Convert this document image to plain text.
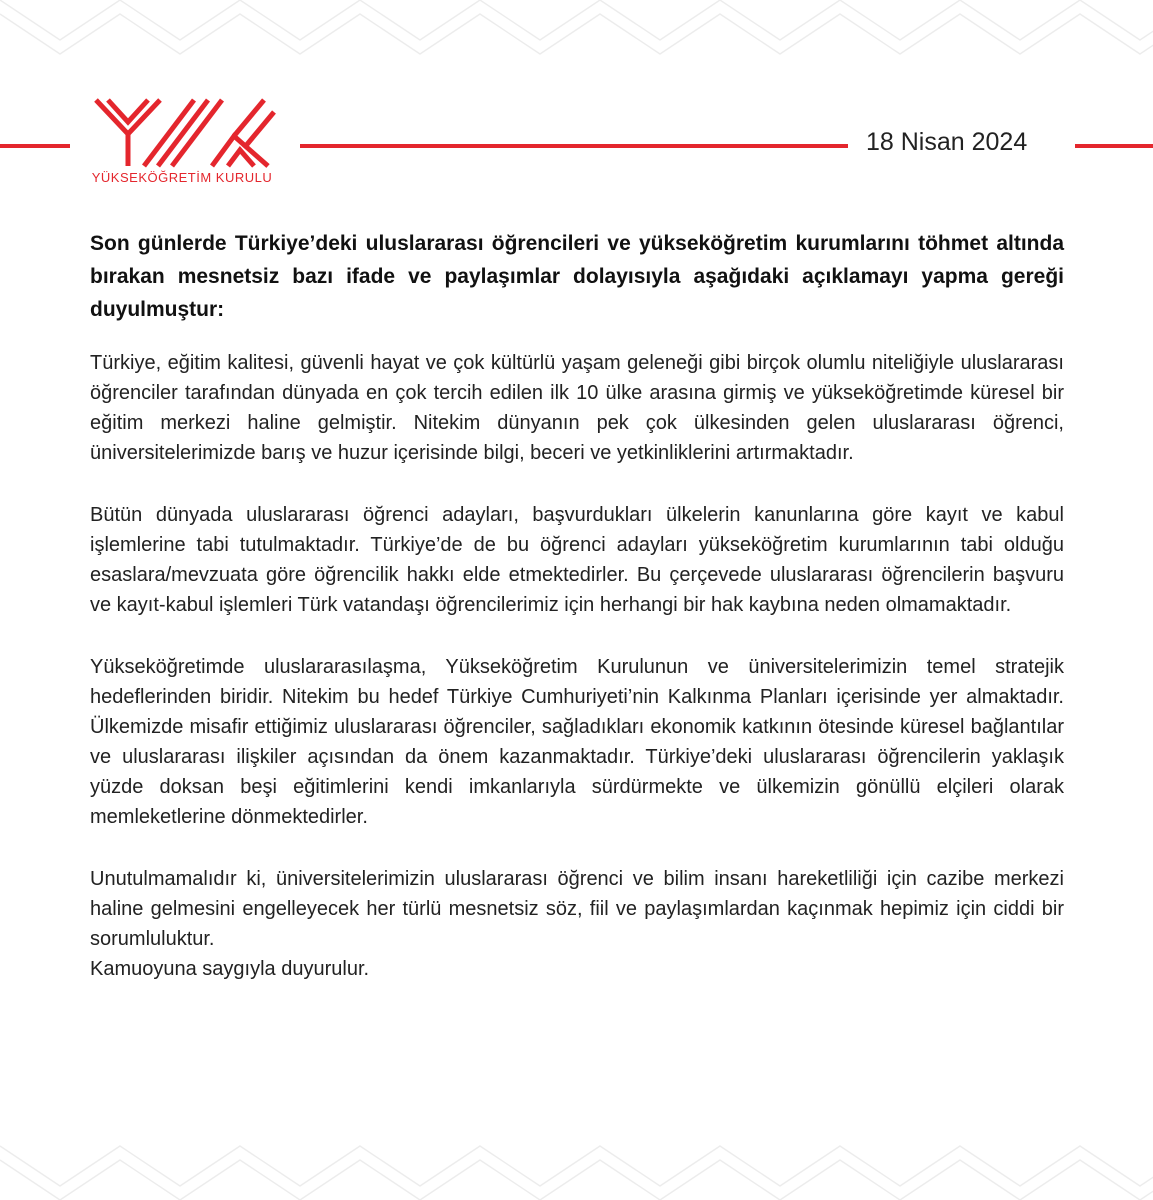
YÜKSEKÖĞRETİM KURULU
18 Nisan 2024

Son günlerde Türkiye’deki uluslararası öğrencileri ve yükseköğretim kurumlarını töhmet altında bırakan mesnetsiz bazı ifade ve paylaşımlar dolayısıyla aşağıdaki açıklamayı yapma gereği duyulmuştur:

Türkiye, eğitim kalitesi, güvenli hayat ve çok kültürlü yaşam geleneği gibi birçok olumlu niteliğiyle uluslararası öğrenciler tarafından dünyada en çok tercih edilen ilk 10 ülke arasına girmiş ve yükseköğretimde küresel bir eğitim merkezi haline gelmiştir. Nitekim dünyanın pek çok ülkesinden gelen uluslararası öğrenci, üniversitelerimizde barış ve huzur içerisinde bilgi, beceri ve yetkinliklerini artırmaktadır.

Bütün dünyada uluslararası öğrenci adayları, başvurdukları ülkelerin kanunlarına göre kayıt ve kabul işlemlerine tabi tutulmaktadır. Türkiye’de de bu öğrenci adayları yükseköğretim kurumlarının tabi olduğu esaslara/mevzuata göre öğrencilik hakkı elde etmektedirler. Bu çerçevede uluslararası öğrencilerin başvuru ve kayıt-kabul işlemleri Türk vatandaşı öğrencilerimiz için herhangi bir hak kaybına neden olmamaktadır.

Yükseköğretimde uluslararasılaşma, Yükseköğretim Kurulunun ve üniversitelerimizin temel stratejik hedeflerinden biridir. Nitekim bu hedef Türkiye Cumhuriyeti’nin Kalkınma Planları içerisinde yer almaktadır. Ülkemizde misafir ettiğimiz uluslararası öğrenciler, sağladıkları ekonomik katkının ötesinde küresel bağlantılar ve uluslararası ilişkiler açısından da önem kazanmaktadır. Türkiye’deki uluslararası öğrencilerin yaklaşık yüzde doksan beşi eğitimlerini kendi imkanlarıyla sürdürmekte ve ülkemizin gönüllü elçileri olarak memleketlerine dönmektedirler.

Unutulmamalıdır ki, üniversitelerimizin uluslararası öğrenci ve bilim insanı hareketliliği için cazibe merkezi haline gelmesini engelleyecek her türlü mesnetsiz söz, fiil ve paylaşımlardan kaçınmak hepimiz için ciddi bir sorumluluktur.

Kamuoyuna saygıyla duyurulur.
